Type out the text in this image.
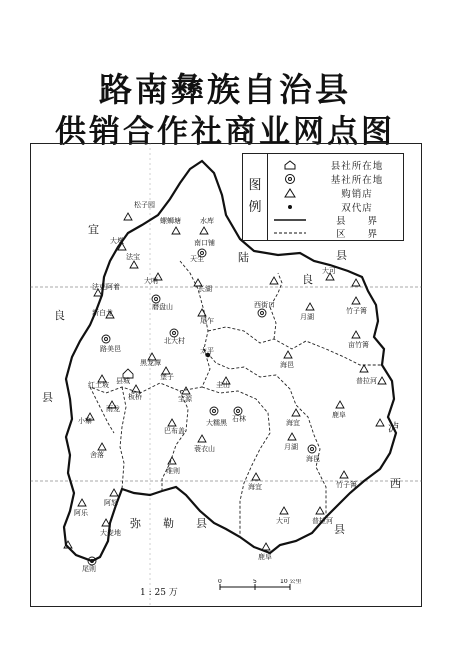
路南彝族自治县
供销合作社商业网点图
松子园
螺蛳塘	水库
南口铺
大墩
天生
法宝
大哨
长湖
法克阿着
磨盘山
尾乍
北大村
新白龙
路美邑
黑龙潭
太平
县城	堡子
红土坡
板桥
圭山
宝源
小寨
雨龙
巴布盖
大糯黑 石林
蓑衣山
舍落
维则
阿怒
阿乐
大麦地
尾则
西街口
月湖
大可
竹子箐
亩竹箐
海邑
普拉河
海宜
鹿阜
月湖
海邑
竹子箐
海宜
大可	普拉河
鹿阜
宜
良
县
陆
良
县
泸
西
县
弥　　勒　　县
图
例
县社所在地
基社所在地
购销店
双代店
县　　界
区　　界
1 : 25 万
0	5	10 公里
